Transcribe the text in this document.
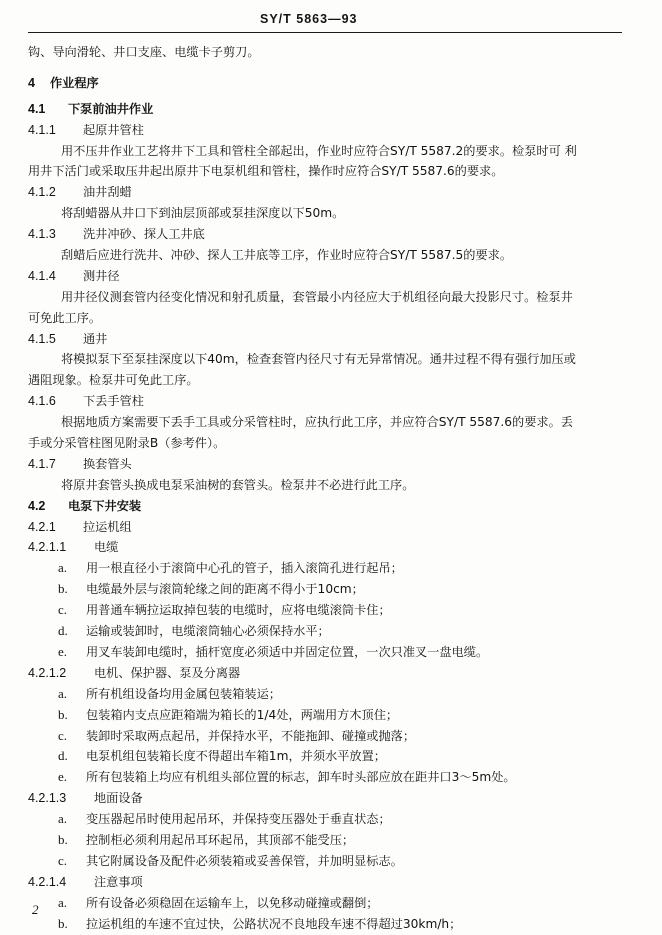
SY/T 5863—93
钩、导向滑轮、井口支座、电缆卡子剪刀。
4 作业程序
4.1 下泵前油井作业
4.1.1 起原井管柱
用不压井作业工艺将井下工具和管柱全部起出，作业时应符合SY/T 5587.2的要求。检泵时可 利
用井下活门或采取压井起出原井下电泵机组和管柱，操作时应符合SY/T 5587.6的要求。
4.1.2 油井刮蜡
将刮蜡器从井口下到油层顶部或泵挂深度以下50m。
4.1.3 洗井冲砂、探人工井底
刮蜡后应进行洗井、冲砂、探人工井底等工序，作业时应符合SY/T 5587.5的要求。
4.1.4 测井径
用井径仪测套管内径变化情况和射孔质量，套管最小内径应大于机组径向最大投影尺寸。检泵井
可免此工序。
4.1.5 通井
将模拟泵下至泵挂深度以下40m，检查套管内径尺寸有无异常情况。通井过程不得有强行加压或
遇阻现象。检泵井可免此工序。
4.1.6 下丢手管柱
根据地质方案需要下丢手工具或分采管柱时，应执行此工序，并应符合SY/T 5587.6的要求。丢
手或分采管柱图见附录B（参考件）。
4.1.7 换套管头
将原井套管头换成电泵采油树的套管头。检泵井不必进行此工序。
4.2 电泵下井安装
4.2.1 拉运机组
4.2.1.1 电缆
a. 用一根直径小于滚筒中心孔的管子，插入滚筒孔进行起吊；
b. 电缆最外层与滚筒轮缘之间的距离不得小于10cm；
c. 用普通车辆拉运取掉包装的电缆时，应将电缆滚筒卡住；
d. 运输或装卸时，电缆滚筒轴心必须保持水平；
e. 用叉车装卸电缆时，插杆宽度必须适中并固定位置，一次只准叉一盘电缆。
4.2.1.2 电机、保护器、泵及分离器
a. 所有机组设备均用金属包装箱装运；
b. 包装箱内支点应距箱端为箱长的1/4处，两端用方木顶住；
c. 装卸时采取两点起吊，并保持水平，不能拖卸、碰撞或抛落；
d. 电泵机组包装箱长度不得超出车箱1m，并须水平放置；
e. 所有包装箱上均应有机组头部位置的标志，卸车时头部应放在距井口3～5m处。
4.2.1.3 地面设备
a. 变压器起吊时使用起吊环，并保持变压器处于垂直状态；
b. 控制柜必须利用起吊耳环起吊，其顶部不能受压；
c. 其它附属设备及配件必须装箱或妥善保管，并加明显标志。
4.2.1.4 注意事项
a. 所有设备必须稳固在运输车上，以免移动碰撞或翻倒；
b. 拉运机组的车速不宜过快，公路状况不良地段车速不得超过30km/h；
2
